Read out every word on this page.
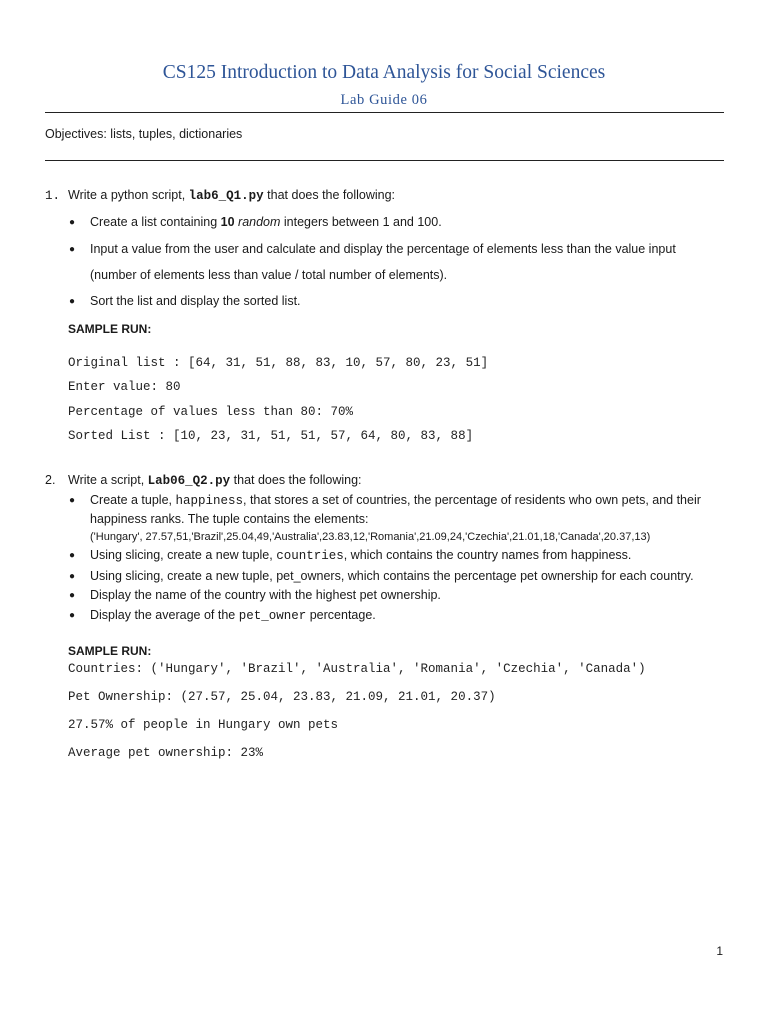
CS125 Introduction to Data Analysis for Social Sciences
Lab Guide 06
Objectives: lists, tuples, dictionaries
1. Write a python script, lab6_Q1.py that does the following:
● Create a list containing 10 random integers between 1 and 100.
● Input a value from the user and calculate and display the percentage of elements less than the value input
(number of elements less than value / total number of elements).
● Sort the list and display the sorted list.
SAMPLE RUN:
Original list : [64, 31, 51, 88, 83, 10, 57, 80, 23, 51]
Enter value: 80
Percentage of values less than 80: 70%
Sorted List : [10, 23, 31, 51, 51, 57, 64, 80, 83, 88]
2. Write a script, Lab06_Q2.py that does the following:
● Create a tuple, happiness, that stores a set of countries, the percentage of residents who own pets, and their
happiness ranks. The tuple contains the elements:
('Hungary', 27.57,51,'Brazil',25.04,49,'Australia',23.83,12,'Romania',21.09,24,'Czechia',21.01,18,'Canada',20.37,13)
● Using slicing, create a new tuple, countries, which contains the country names from happiness.
● Using slicing, create a new tuple, pet_owners, which contains the percentage pet ownership for each country.
● Display the name of the country with the highest pet ownership.
● Display the average of the pet_owner percentage.
SAMPLE RUN:
Countries: ('Hungary', 'Brazil', 'Australia', 'Romania', 'Czechia', 'Canada')
Pet Ownership: (27.57, 25.04, 23.83, 21.09, 21.01, 20.37)
27.57% of people in Hungary own pets
Average pet ownership: 23%
1
